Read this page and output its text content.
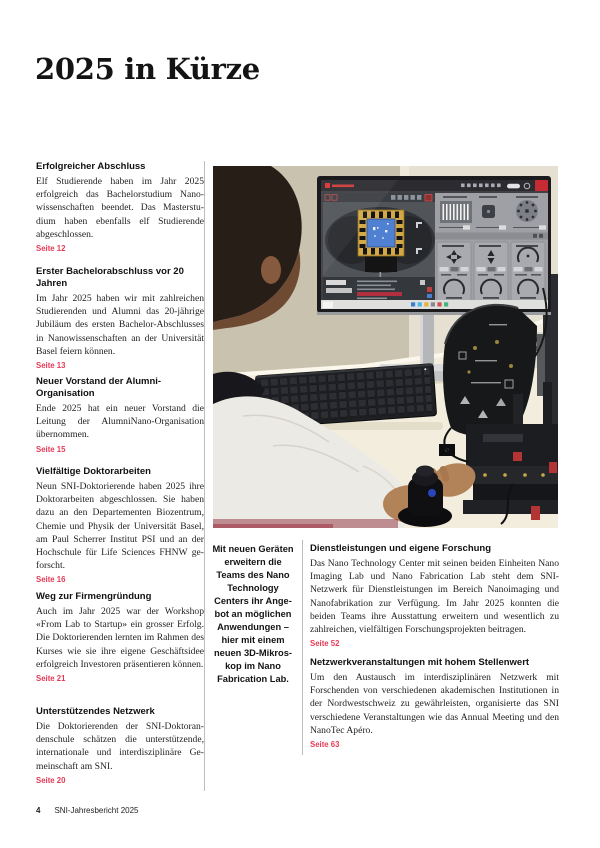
2025 in Kürze
Erfolgreicher Abschluss
Elf Studierende haben im Jahr 2025 erfolgreich das Bachelorstudium Nanowissenschaften beendet. Das Masterstudium haben ebenfalls elf Studierende abgeschlossen.
Seite 12
Erster Bachelorabschluss vor 20 Jahren
Im Jahr 2025 haben wir mit zahlreichen Studierenden und Alumni das 20-jährige Jubiläum des ersten Bachelor-Abschlusses in Nanowissenschaften an der Universität Basel feiern können.
Seite 13
Neuer Vorstand der Alumni-Organisation
Ende 2025 hat ein neuer Vorstand die Leitung der AlumniNano-Organisation übernommen.
Seite 15
Vielfältige Doktorarbeiten
Neun SNI-Doktorierende haben 2025 ihre Doktorarbeiten abgeschlossen. Sie haben dazu an den Departementen Biozentrum, Chemie und Physik der Universität Basel, am Paul Scherrer Institut PSI und an der Hochschule für Life Sciences FHNW geforscht.
Seite 16
Weg zur Firmengründung
Auch im Jahr 2025 war der Workshop «From Lab to Startup» ein grosser Erfolg. Die Doktorierenden lernten im Rahmen des Kurses wie sie ihre eigene Geschäftsidee erfolgreich Investoren präsentieren können.
Seite 21
Unterstützendes Netzwerk
Die Doktorierenden der SNI-Doktorandenschule schätzen die unterstützende, internationale und interdisziplinäre Gemeinschaft am SNI.
Seite 20
Mit neuen Geräten erweitern die Teams des Nano Technology Centers ihr Angebot an möglichen Anwendungen – hier mit einem neuen 3D-Mikroskop im Nano Fabrication Lab.
Dienstleistungen und eigene Forschung
Das Nano Technology Center mit seinen beiden Einheiten Nano Imaging Lab und Nano Fabrication Lab steht dem SNI-Netzwerk für Dienstleistungen im Bereich Nanoimaging und Nanofabrikation zur Verfügung. Im Jahr 2025 konnten die beiden Teams ihre Ausstattung erweitern und wesentlich zu zahlreichen, vielfältigen Forschungsprojekten beitragen.
Seite 52
Netzwerkveranstaltungen mit hohem Stellenwert
Um den Austausch im interdisziplinären Netzwerk mit Forschenden von verschiedenen akademischen Institutionen in der Nordwestschweiz zu gewährleisten, organisierte das SNI verschiedene Veranstaltungen wie das Annual Meeting und den NanoTec Apéro.
Seite 63
4 SNI-Jahresbericht 2025
